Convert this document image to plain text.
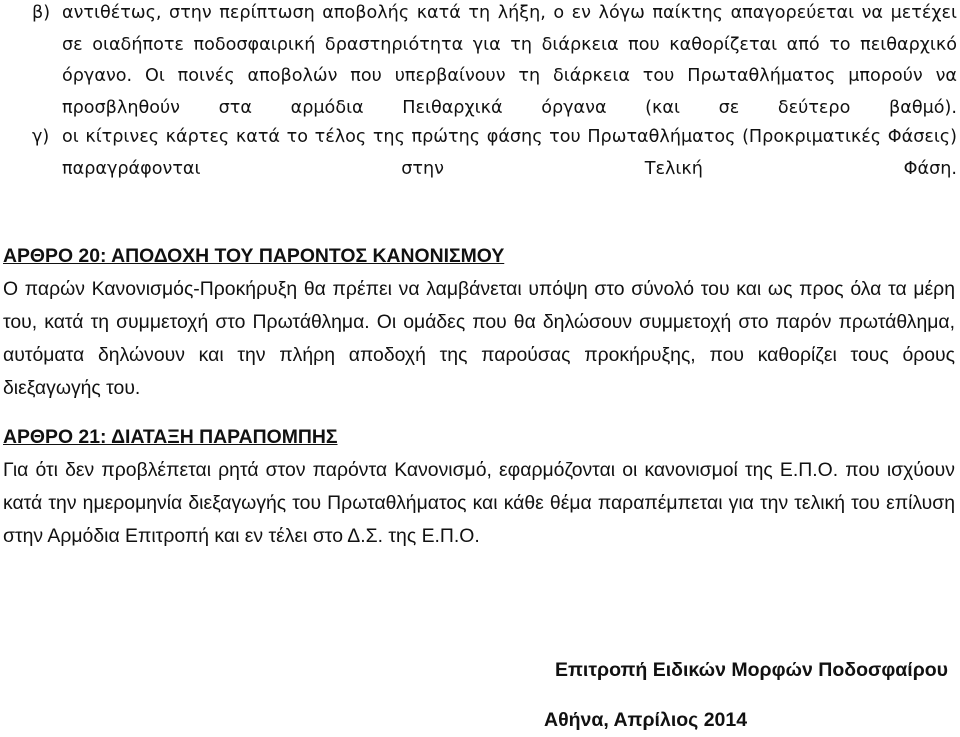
β) αντιθέτως, στην περίπτωση αποβολής κατά τη λήξη, ο εν λόγω παίκτης απαγορεύεται να μετέχει σε οιαδήποτε ποδοσφαιρική δραστηριότητα για τη διάρκεια που καθορίζεται από το πειθαρχικό όργανο. Οι ποινές αποβολών που υπερβαίνουν τη διάρκεια του Πρωταθλήματος μπορούν να προσβληθούν στα αρμόδια Πειθαρχικά όργανα (και σε δεύτερο βαθμό).
γ) οι κίτρινες κάρτες κατά το τέλος της πρώτης φάσης του Πρωταθλήματος (Προκριματικές Φάσεις) παραγράφονται στην Τελική Φάση.
ΑΡΘΡΟ 20: ΑΠΟΔΟΧΗ ΤΟΥ ΠΑΡΟΝΤΟΣ ΚΑΝΟΝΙΣΜΟΥ

Ο παρών Κανονισμός-Προκήρυξη θα πρέπει να λαμβάνεται υπόψη στο σύνολό του και ως προς όλα τα μέρη του, κατά τη συμμετοχή στο Πρωτάθλημα. Οι ομάδες που θα δηλώσουν συμμετοχή στο παρόν πρωτάθλημα, αυτόματα δηλώνουν και την πλήρη αποδοχή της παρούσας προκήρυξης, που καθορίζει τους όρους διεξαγωγής του.

ΑΡΘΡΟ 21: ΔΙΑΤΑΞΗ ΠΑΡΑΠΟΜΠΗΣ

Για ότι δεν προβλέπεται ρητά στον παρόντα Κανονισμό, εφαρμόζονται οι κανονισμοί της Ε.Π.Ο. που ισχύουν κατά την ημερομηνία διεξαγωγής του Πρωταθλήματος και κάθε θέμα παραπέμπεται για την τελική του επίλυση στην Αρμόδια Επιτροπή και εν τέλει στο Δ.Σ. της Ε.Π.Ο.

Επιτροπή Ειδικών Μορφών Ποδοσφαίρου
Αθήνα, Απρίλιος 2014
